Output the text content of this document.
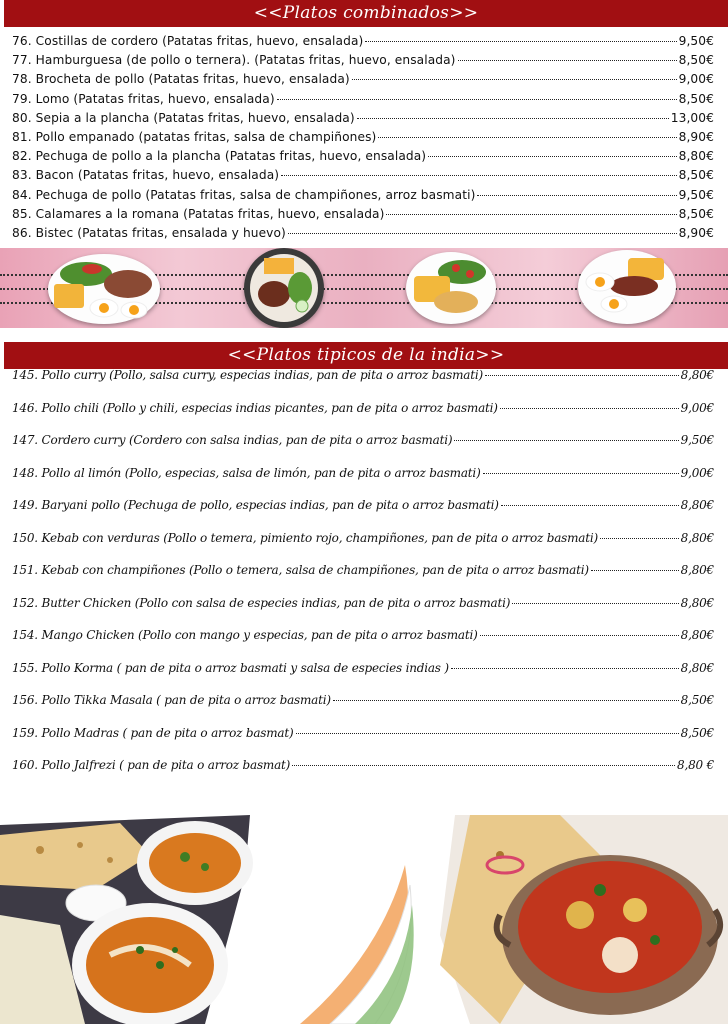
<<Platos combinados>>
76. Costillas de cordero (Patatas fritas, huevo, ensalada)	9,50€
77. Hamburguesa (de pollo o ternera). (Patatas fritas, huevo, ensalada)	8,50€
78. Brocheta de pollo (Patatas fritas, huevo, ensalada)	9,00€
79. Lomo (Patatas fritas, huevo, ensalada)	8,50€
80. Sepia a la plancha (Patatas fritas, huevo, ensalada)	13,00€
81. Pollo empanado (patatas fritas, salsa de champiñones)	8,90€
82. Pechuga de pollo a la plancha (Patatas fritas, huevo, ensalada)	8,80€
83. Bacon (Patatas fritas, huevo, ensalada)	8,50€
84. Pechuga de pollo (Patatas fritas, salsa de champiñones, arroz basmati)	9,50€
85. Calamares a la romana (Patatas fritas, huevo, ensalada)	8,50€
86. Bistec (Patatas fritas, ensalada y huevo)	8,90€
<<Platos tipicos de la india>>
145. Pollo curry (Pollo, salsa curry, especias indias, pan de pita o arroz basmati)	8,80€
146. Pollo chili (Pollo y chili, especias indias picantes, pan de pita o arroz basmati)	9,00€
147. Cordero curry (Cordero con salsa indias, pan de pita o arroz basmati)	9,50€
148. Pollo al limón (Pollo, especias, salsa de limón, pan de pita o arroz basmati)	9,00€
149. Baryani pollo (Pechuga de pollo, especias indias, pan de pita o arroz basmati)	8,80€
150. Kebab con verduras (Pollo o temera, pimiento rojo, champiñones, pan de pita o arroz basmati)	8,80€
151. Kebab con champiñones (Pollo o temera, salsa de champiñones, pan de pita o arroz basmati)	8,80€
152. Butter Chicken (Pollo con salsa de especies indias, pan de pita o arroz basmati)	8,80€
154. Mango Chicken (Pollo con mango y especias, pan de pita o arroz basmati)	8,80€
155. Pollo Korma ( pan de pita o arroz basmati y salsa de especies indias )	8,80€
156. Pollo Tikka Masala ( pan de pita o arroz basmati)	8,50€
159. Pollo Madras ( pan de pita o arroz basmat)	8,50€
160. Pollo Jalfrezi ( pan de pita o arroz basmat)	8,80 €
